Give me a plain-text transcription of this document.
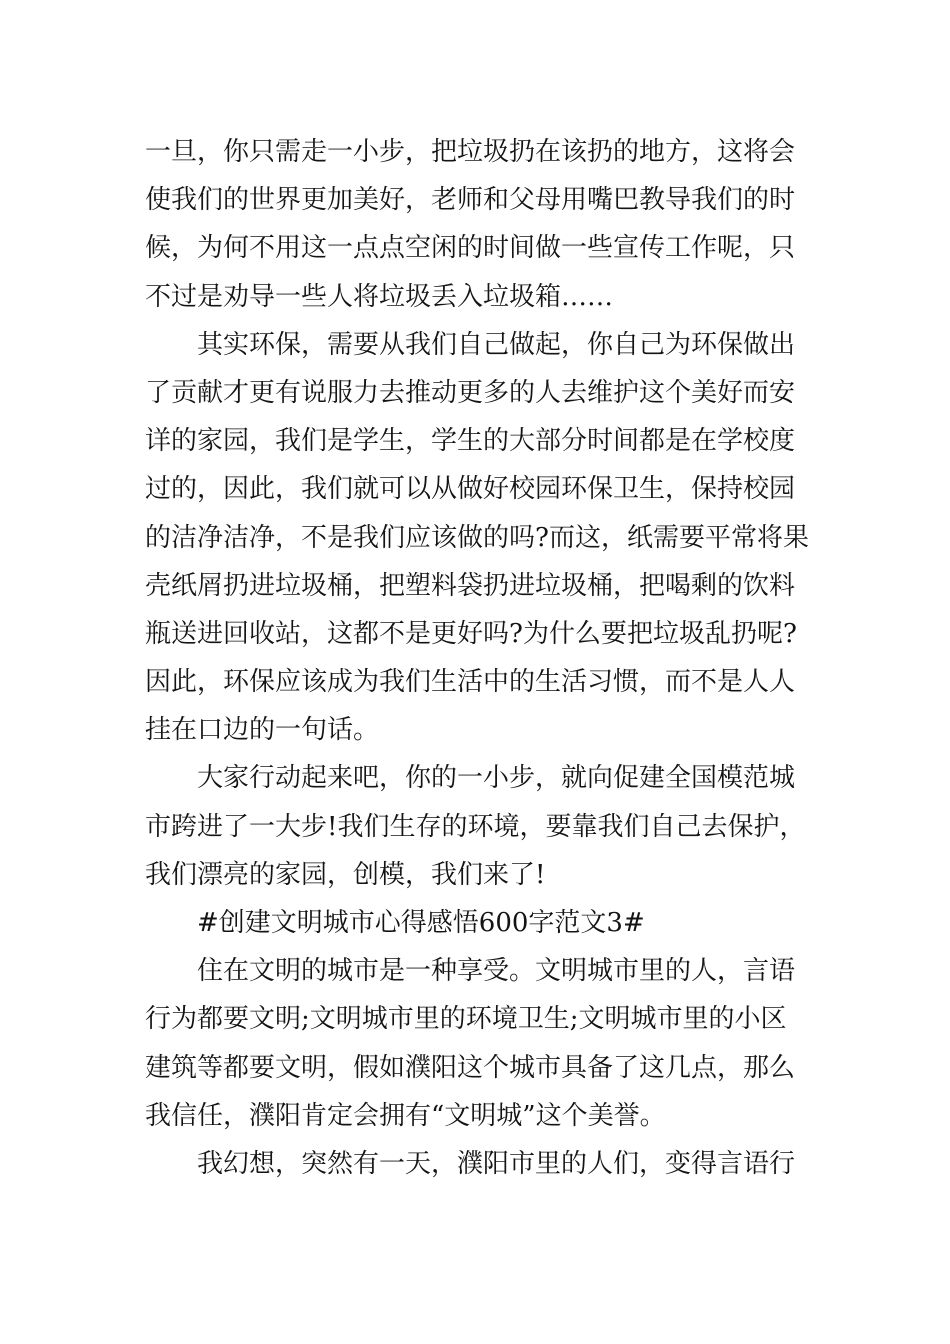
一旦，你只需走一小步，把垃圾扔在该扔的地方，这将会
使我们的世界更加美好，老师和父母用嘴巴教导我们的时
候，为何不用这一点点空闲的时间做一些宣传工作呢，只
不过是劝导一些人将垃圾丢入垃圾箱……
其实环保，需要从我们自己做起，你自己为环保做出
了贡献才更有说服力去推动更多的人去维护这个美好而安
详的家园，我们是学生，学生的大部分时间都是在学校度
过的，因此，我们就可以从做好校园环保卫生，保持校园
的洁净洁净，不是我们应该做的吗?而这，纸需要平常将果
壳纸屑扔进垃圾桶，把塑料袋扔进垃圾桶，把喝剩的饮料
瓶送进回收站，这都不是更好吗?为什么要把垃圾乱扔呢?
因此，环保应该成为我们生活中的生活习惯，而不是人人
挂在口边的一句话。
大家行动起来吧，你的一小步，就向促建全国模范城
市跨进了一大步!我们生存的环境，要靠我们自己去保护，
我们漂亮的家园，创模，我们来了!
#创建文明城市心得感悟600字范文3#
住在文明的城市是一种享受。文明城市里的人，言语
行为都要文明;文明城市里的环境卫生;文明城市里的小区
建筑等都要文明，假如濮阳这个城市具备了这几点，那么
我信任，濮阳肯定会拥有“文明城”这个美誉。
我幻想，突然有一天，濮阳市里的人们，变得言语行
